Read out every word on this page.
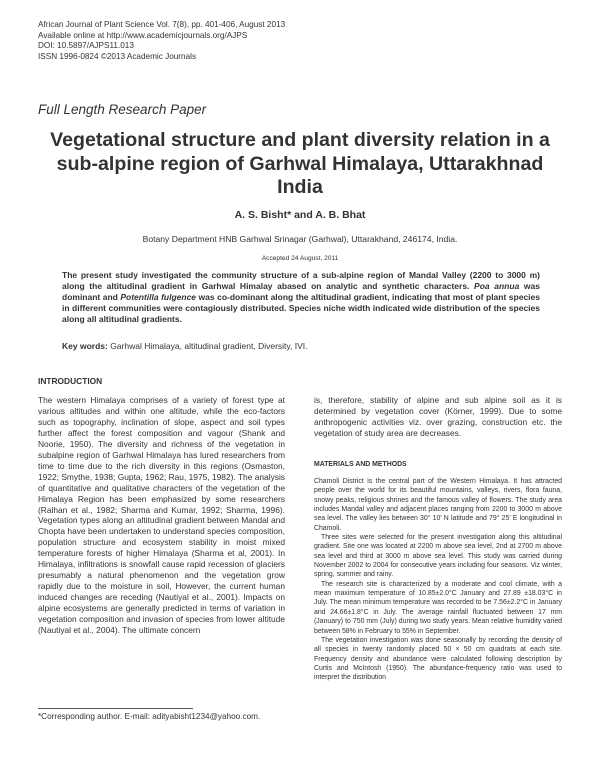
African Journal of Plant Science Vol. 7(8), pp. 401-406, August 2013
Available online at http://www.academicjournals.org/AJPS
DOI: 10.5897/AJPS11.013
ISSN 1996-0824 ©2013 Academic Journals
Full Length Research Paper
Vegetational structure and plant diversity relation in a sub-alpine region of Garhwal Himalaya, Uttarakhnad India
A. S. Bisht* and A. B. Bhat
Botany Department HNB Garhwal Srinagar (Garhwal), Uttarakhand, 246174, India.
Accepted 24 August, 2011
The present study investigated the community structure of a sub-alpine region of Mandal Valley (2200 to 3000 m) along the altitudinal gradient in Garhwal Himalay abased on analytic and synthetic characters. Poa annua was dominant and Potentilla fulgence was co-dominant along the altitudinal gradient, indicating that most of plant species in different communities were contagiously distributed. Species niche width indicated wide distribution of the species along all altitudinal gradients.
Key words: Garhwal Himalaya, altitudinal gradient, Diversity, IVI.
INTRODUCTION
The western Himalaya comprises of a variety of forest type at various altitudes and within one altitude, while the eco-factors such as topography, inclination of slope, aspect and soil types further affect the forest composition and vagour (Shank and Noorie, 1950). The diversity and richness of the vegetation in subalpine region of Garhwal Himalaya has lured researchers from time to time due to the rich diversity in this regions (Osmaston, 1922; Smythe, 1938; Gupta, 1962; Rau, 1975, 1982). The analysis of quantitative and qualitative characters of the vegetation of the Himalaya Region has been emphasized by some researchers (Ralhan et al., 1982; Sharma and Kumar, 1992; Sharma, 1996). Vegetation types along an altitudinal gradient between Mandal and Chopta have been undertaken to understand species composition, population structure and ecosystem stability in moist mixed temperature forests of higher Himalaya (Sharma et al, 2001). In Himalaya, infiltrations is snowfall cause rapid recession of glaciers presumably a natural phenomenon and the vegetation grow rapidly due to the moisture in soil, However, the current human induced changes are receding (Nautiyal et al., 2001). Impacts on alpine ecosystems are generally predicted in terms of variation in vegetation composition and invasion of species from lower altitude (Nautiyal et al., 2004). The ultimate concern
is, therefore, stability of alpine and sub alpine soil as it is determined by vegetation cover (Körner, 1999). Due to some anthropogenic activities viz. over grazing, construction etc. the vegetation of study area are decreases.
MATERIALS AND METHODS

Chamoli District is the central part of the Western Himalaya. It has attracted people over the world for its beautiful mountains, valleys, rivers, flora fauna, snowy peaks, religious shrines and the famous valley of flowers. The study area includes Mandal valley and adjacent places ranging from 2200 to 3000 m above sea level. The valley lies between 30° 10′ N latitude and 79° 25′ E longitudinal in Chamoli.

Three sites were selected for the present investigation along this altitudinal gradient. Site one was located at 2200 m above sea level, 2nd at 2700 m above sea level and third at 3000 m above sea level. This study was carried during November 2002 to 2004 for consecutive years including four seasons. Viz winter, spring, summer and rainy.

The research site is characterized by a moderate and cool climate, with a mean maximum temperature of 10.85±2.0°C January and 27.89 ±18.03°C in July. The mean minimum temperature was recorded to be 7.56±2.2°C in January and 24.66±1.8°C in July. The average rainfall fluctuated between 17 mm (January) to 750 mm (July) during two study years. Mean relative humidity varied between 58% in February to 55% in September.

The vegetation investigation was done seasonally by recording the density of all species in twenty randomly placed 50 × 50 cm quadrats at each site. Frequency density and abundance were calculated following description by Curtis and McIntosh (1950). The abundance-frequency ratio was used to interpret the distribution

*Corresponding author. E-mail: adityabisht1234@yahoo.com.
